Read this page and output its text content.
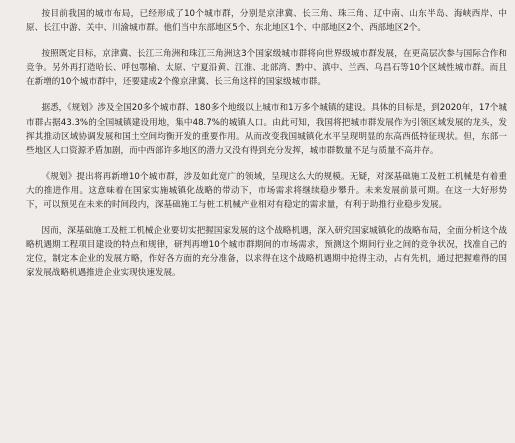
按目前我国的城市布局，已经形成了10个城市群，分别是京津冀、长三角、珠三角、辽中南、山东半岛、海峡西岸、中原、长江中游、关中、川渝城市群。他们当中东部地区5个、东北地区1个、中部地区2个、西部地区2个。

按照既定目标，京津冀、长江三角洲和珠江三角洲这3个国家级城市群将向世界级城市群发展，在更高层次参与国际合作和竞争。另外再打造哈长、呼包鄂榆、太原、宁夏沿黄、江淮、北部湾、黔中、滇中、兰西、乌昌石等10个区域性城市群。而且在新增的10个城市群中，还要建成2个像京津冀、长三角这样的国家级城市群。

据悉，《规划》涉及全国20多个城市群、180多个地级以上城市和1万多个城镇的建设。具体的目标是，到2020年，17个城市群占据43.3%的全国城镇建设用地，集中48.7%的城镇人口。由此可知，我国将把城市群发展作为引领区域发展的龙头，发挥其推动区域协调发展和国土空间均衡开发的重要作用。从而改变我国城镇化水平呈现明显的东高西低特征现状。但，东部一些地区人口资源矛盾加剧，而中西部许多地区的潜力又没有得到充分发挥，城市群数量不足与质量不高并存。

《规划》提出将再新增10个城市群，涉及如此宽广的领域，呈现这么大的规模。无疑，对深基础施工及桩工机械是有着重大的推进作用。这意味着在国家实施城镇化战略的带动下，市场需求将继续稳步攀升。未来发展前景可期。在这一大好形势下，可以预见在未来的时间段内，深基础施工与桩工机械产业相对有稳定的需求量，有利于助推行业稳步发展。

因而，深基础施工及桩工机械企业要切实把握国家发展的这个战略机遇，深入研究国家城镇化的战略布局，全面分析这个战略机遇期工程项目建设的特点和规律，研判再增10个城市群期间的市场需求，预测这个期间行业之间的竞争状况，找准自己的定位，制定本企业的发展方略，作好各方面的充分准备，以求得在这个战略机遇期中抢得主动，占有先机，通过把握难得的国家发展战略机遇推进企业实现快速发展。
